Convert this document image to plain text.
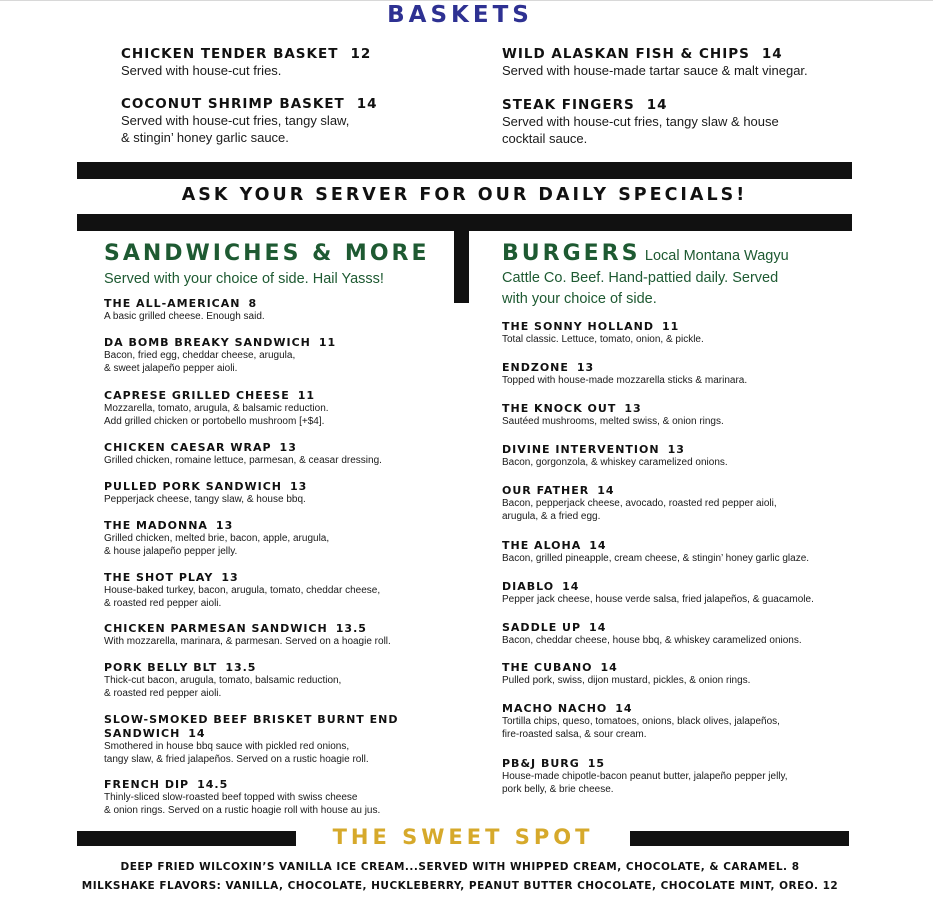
BASKETS
CHICKEN TENDER BASKET 12
Served with house-cut fries.
COCONUT SHRIMP BASKET 14
Served with house-cut fries, tangy slaw,
& stingin’ honey garlic sauce.
WILD ALASKAN FISH & CHIPS 14
Served with house-made tartar sauce & malt vinegar.
STEAK FINGERS 14
Served with house-cut fries, tangy slaw & house
cocktail sauce.
ASK YOUR SERVER FOR OUR DAILY SPECIALS!
SANDWICHES & MORE
Served with your choice of side. Hail Yasss!
BURGERS Local Montana Wagyu
Cattle Co. Beef. Hand-pattied daily. Served
with your choice of side.
THE ALL-AMERICAN 8
A basic grilled cheese. Enough said.
DA BOMB BREAKY SANDWICH 11
Bacon, fried egg, cheddar cheese, arugula,
& sweet jalapeño pepper aioli.
CAPRESE GRILLED CHEESE 11
Mozzarella, tomato, arugula, & balsamic reduction.
Add grilled chicken or portobello mushroom [+$4].
CHICKEN CAESAR WRAP 13
Grilled chicken, romaine lettuce, parmesan, & ceasar dressing.
PULLED PORK SANDWICH 13
Pepperjack cheese, tangy slaw, & house bbq.
THE MADONNA 13
Grilled chicken, melted brie, bacon, apple, arugula,
& house jalapeño pepper jelly.
THE SHOT PLAY 13
House-baked turkey, bacon, arugula, tomato, cheddar cheese,
& roasted red pepper aioli.
CHICKEN PARMESAN SANDWICH 13.5
With mozzarella, marinara, & parmesan. Served on a hoagie roll.
PORK BELLY BLT 13.5
Thick-cut bacon, arugula, tomato, balsamic reduction,
& roasted red pepper aioli.
SLOW-SMOKED BEEF BRISKET BURNT END SANDWICH 14
Smothered in house bbq sauce with pickled red onions,
tangy slaw, & fried jalapeños. Served on a rustic hoagie roll.
FRENCH DIP 14.5
Thinly-sliced slow-roasted beef topped with swiss cheese
& onion rings. Served on a rustic hoagie roll with house au jus.
THE SONNY HOLLAND 11
Total classic. Lettuce, tomato, onion, & pickle.
ENDZONE 13
Topped with house-made mozzarella sticks & marinara.
THE KNOCK OUT 13
Sautéed mushrooms, melted swiss, & onion rings.
DIVINE INTERVENTION 13
Bacon, gorgonzola, & whiskey caramelized onions.
OUR FATHER 14
Bacon, pepperjack cheese, avocado, roasted red pepper aioli,
arugula, & a fried egg.
THE ALOHA 14
Bacon, grilled pineapple, cream cheese, & stingin’ honey garlic glaze.
DIABLO 14
Pepper jack cheese, house verde salsa, fried jalapeños, & guacamole.
SADDLE UP 14
Bacon, cheddar cheese, house bbq, & whiskey caramelized onions.
THE CUBANO 14
Pulled pork, swiss, dijon mustard, pickles, & onion rings.
MACHO NACHO 14
Tortilla chips, queso, tomatoes, onions, black olives, jalapeños,
fire-roasted salsa, & sour cream.
PB&J BURG 15
House-made chipotle-bacon peanut butter, jalapeño pepper jelly,
pork belly, & brie cheese.
THE SWEET SPOT
DEEP FRIED WILCOXIN’S VANILLA ICE CREAM...SERVED WITH WHIPPED CREAM, CHOCOLATE, & CARAMEL. 8
MILKSHAKE FLAVORS: VANILLA, CHOCOLATE, HUCKLEBERRY, PEANUT BUTTER CHOCOLATE, CHOCOLATE MINT, OREO. 12
